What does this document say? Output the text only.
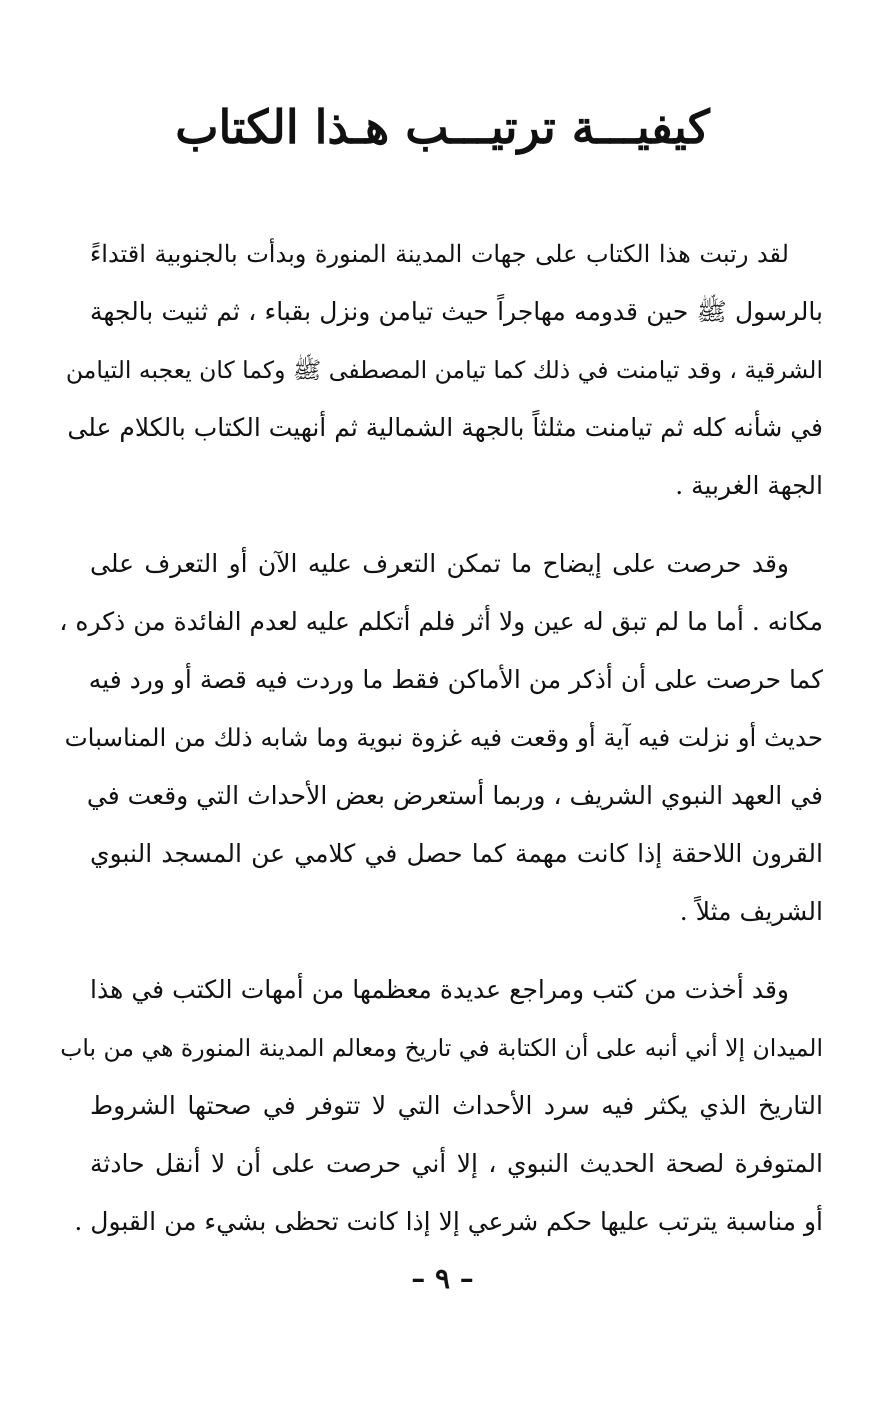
كيفيـــة ترتيـــب هـذا الكتاب

لقد رتبت هذا الكتاب على جهات المدينة المنورة وبدأت بالجنوبية اقتداءً
بالرسول ﷺ حين قدومه مهاجراً حيث تيامن ونزل بقباء ، ثم ثنيت بالجهة
الشرقية ، وقد تيامنت في ذلك كما تيامن المصطفى ﷺ وكما كان يعجبه التيامن
في شأنه كله ثم تيامنت مثلثاً بالجهة الشمالية ثم أنهيت الكتاب بالكلام على
الجهة الغربية .

وقد حرصت على إيضاح ما تمكن التعرف عليه الآن أو التعرف على
مكانه . أما ما لم تبق له عين ولا أثر فلم أتكلم عليه لعدم الفائدة من ذكره ،
كما حرصت على أن أذكر من الأماكن فقط ما وردت فيه قصة أو ورد فيه
حديث أو نزلت فيه آية أو وقعت فيه غزوة نبوية وما شابه ذلك من المناسبات
في العهد النبوي الشريف ، وربما أستعرض بعض الأحداث التي وقعت في
القرون اللاحقة إذا كانت مهمة كما حصل في كلامي عن المسجد النبوي
الشريف مثلاً .

وقد أخذت من كتب ومراجع عديدة معظمها من أمهات الكتب في هذا
الميدان إلا أني أنبه على أن الكتابة في تاريخ ومعالم المدينة المنورة هي من باب
التاريخ الذي يكثر فيه سرد الأحداث التي لا تتوفر في صحتها الشروط
المتوفرة لصحة الحديث النبوي ، إلا أني حرصت على أن لا أنقل حادثة
أو مناسبة يترتب عليها حكم شرعي إلا إذا كانت تحظى بشيء من القبول .

– ٩ –
